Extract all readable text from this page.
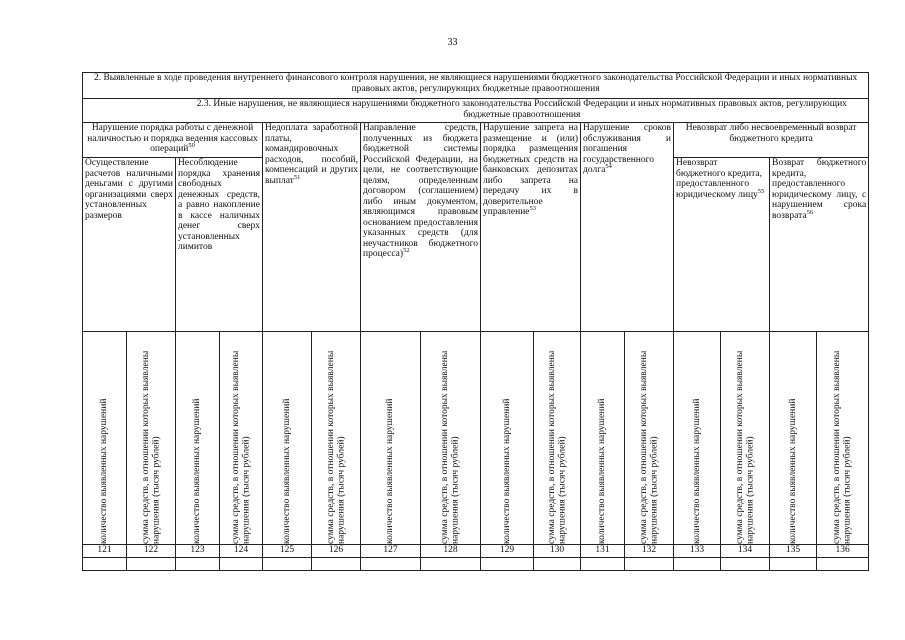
33
2. Выявленные в ходе проведения внутреннего финансового контроля нарушения, не являющиеся нарушениями бюджетного законодательства Российской Федерации и иных нормативных правовых актов, регулирующих бюджетные правоотношения															
		2.3. Иные нарушения, не являющиеся нарушениями бюджетного законодательства Российской Федерации и иных нормативных правовых актов, регулирующих бюджетные правоотношения													
Нарушение порядка работы с денежной наличностью и порядка ведения кассовых операций$^{50}$				Недоплата заработной платы, командировочных расходов, пособий, компенсаций и других выплат$^{51}$		Направление средств, полученных из бюджета бюджетной системы Российской Федерации, на цели, не соответствующие целям, определенным договором (соглашением) либо иным документом, являющимся правовым основанием предоставления указанных средств (для неучастников бюджетного процесса)$^{52}$		Нарушение запрета на размещение и (или) порядка размещения бюджетных средств на банковских депозитах либо запрета на передачу их в доверительное управление$^{53}$		Нарушение сроков обслуживания и погашения государственного долга$^{54}$		Невозврат либо несвоевременный возврат бюджетного кредита			
Осуществление расчетов наличными деньгами с другими организациями сверх установленных размеров		Несоблюдение порядка хранения свободных денежных средств, а равно накопление в кассе наличных денег сверх установленных лимитов										Невозврат бюджетного кредита, предоставленного юридическому лицу$^{55}$		Возврат бюджетного кредита, предоставленного юридическому лицу, с нарушением срока возврата$^{56}$

количество выявленных нарушений	сумма средств, в отношении которых выявлены нарушения (тысяч рублей)	количество выявленных нарушений	сумма средств, в отношении которых выявлены нарушения (тысяч рублей)	количество выявленных нарушений	сумма средств, в отношении которых выявлены нарушения (тысяч рублей)	количество выявленных нарушений	сумма средств, в отношении которых выявлены нарушения (тысяч рублей)	количество выявленных нарушений	сумма средств, в отношении которых выявлены нарушения (тысяч рублей)	количество выявленных нарушений	сумма средств, в отношении которых выявлены нарушения (тысяч рублей)	количество выявленных нарушений	сумма средств, в отношении которых выявлены нарушения (тысяч рублей)	количество выявленных нарушений	сумма средств, в отношении которых выявлены нарушения (тысяч рублей)

121	122	123	124	125	126	127	128	129	130	131	132	133	134	135	136
